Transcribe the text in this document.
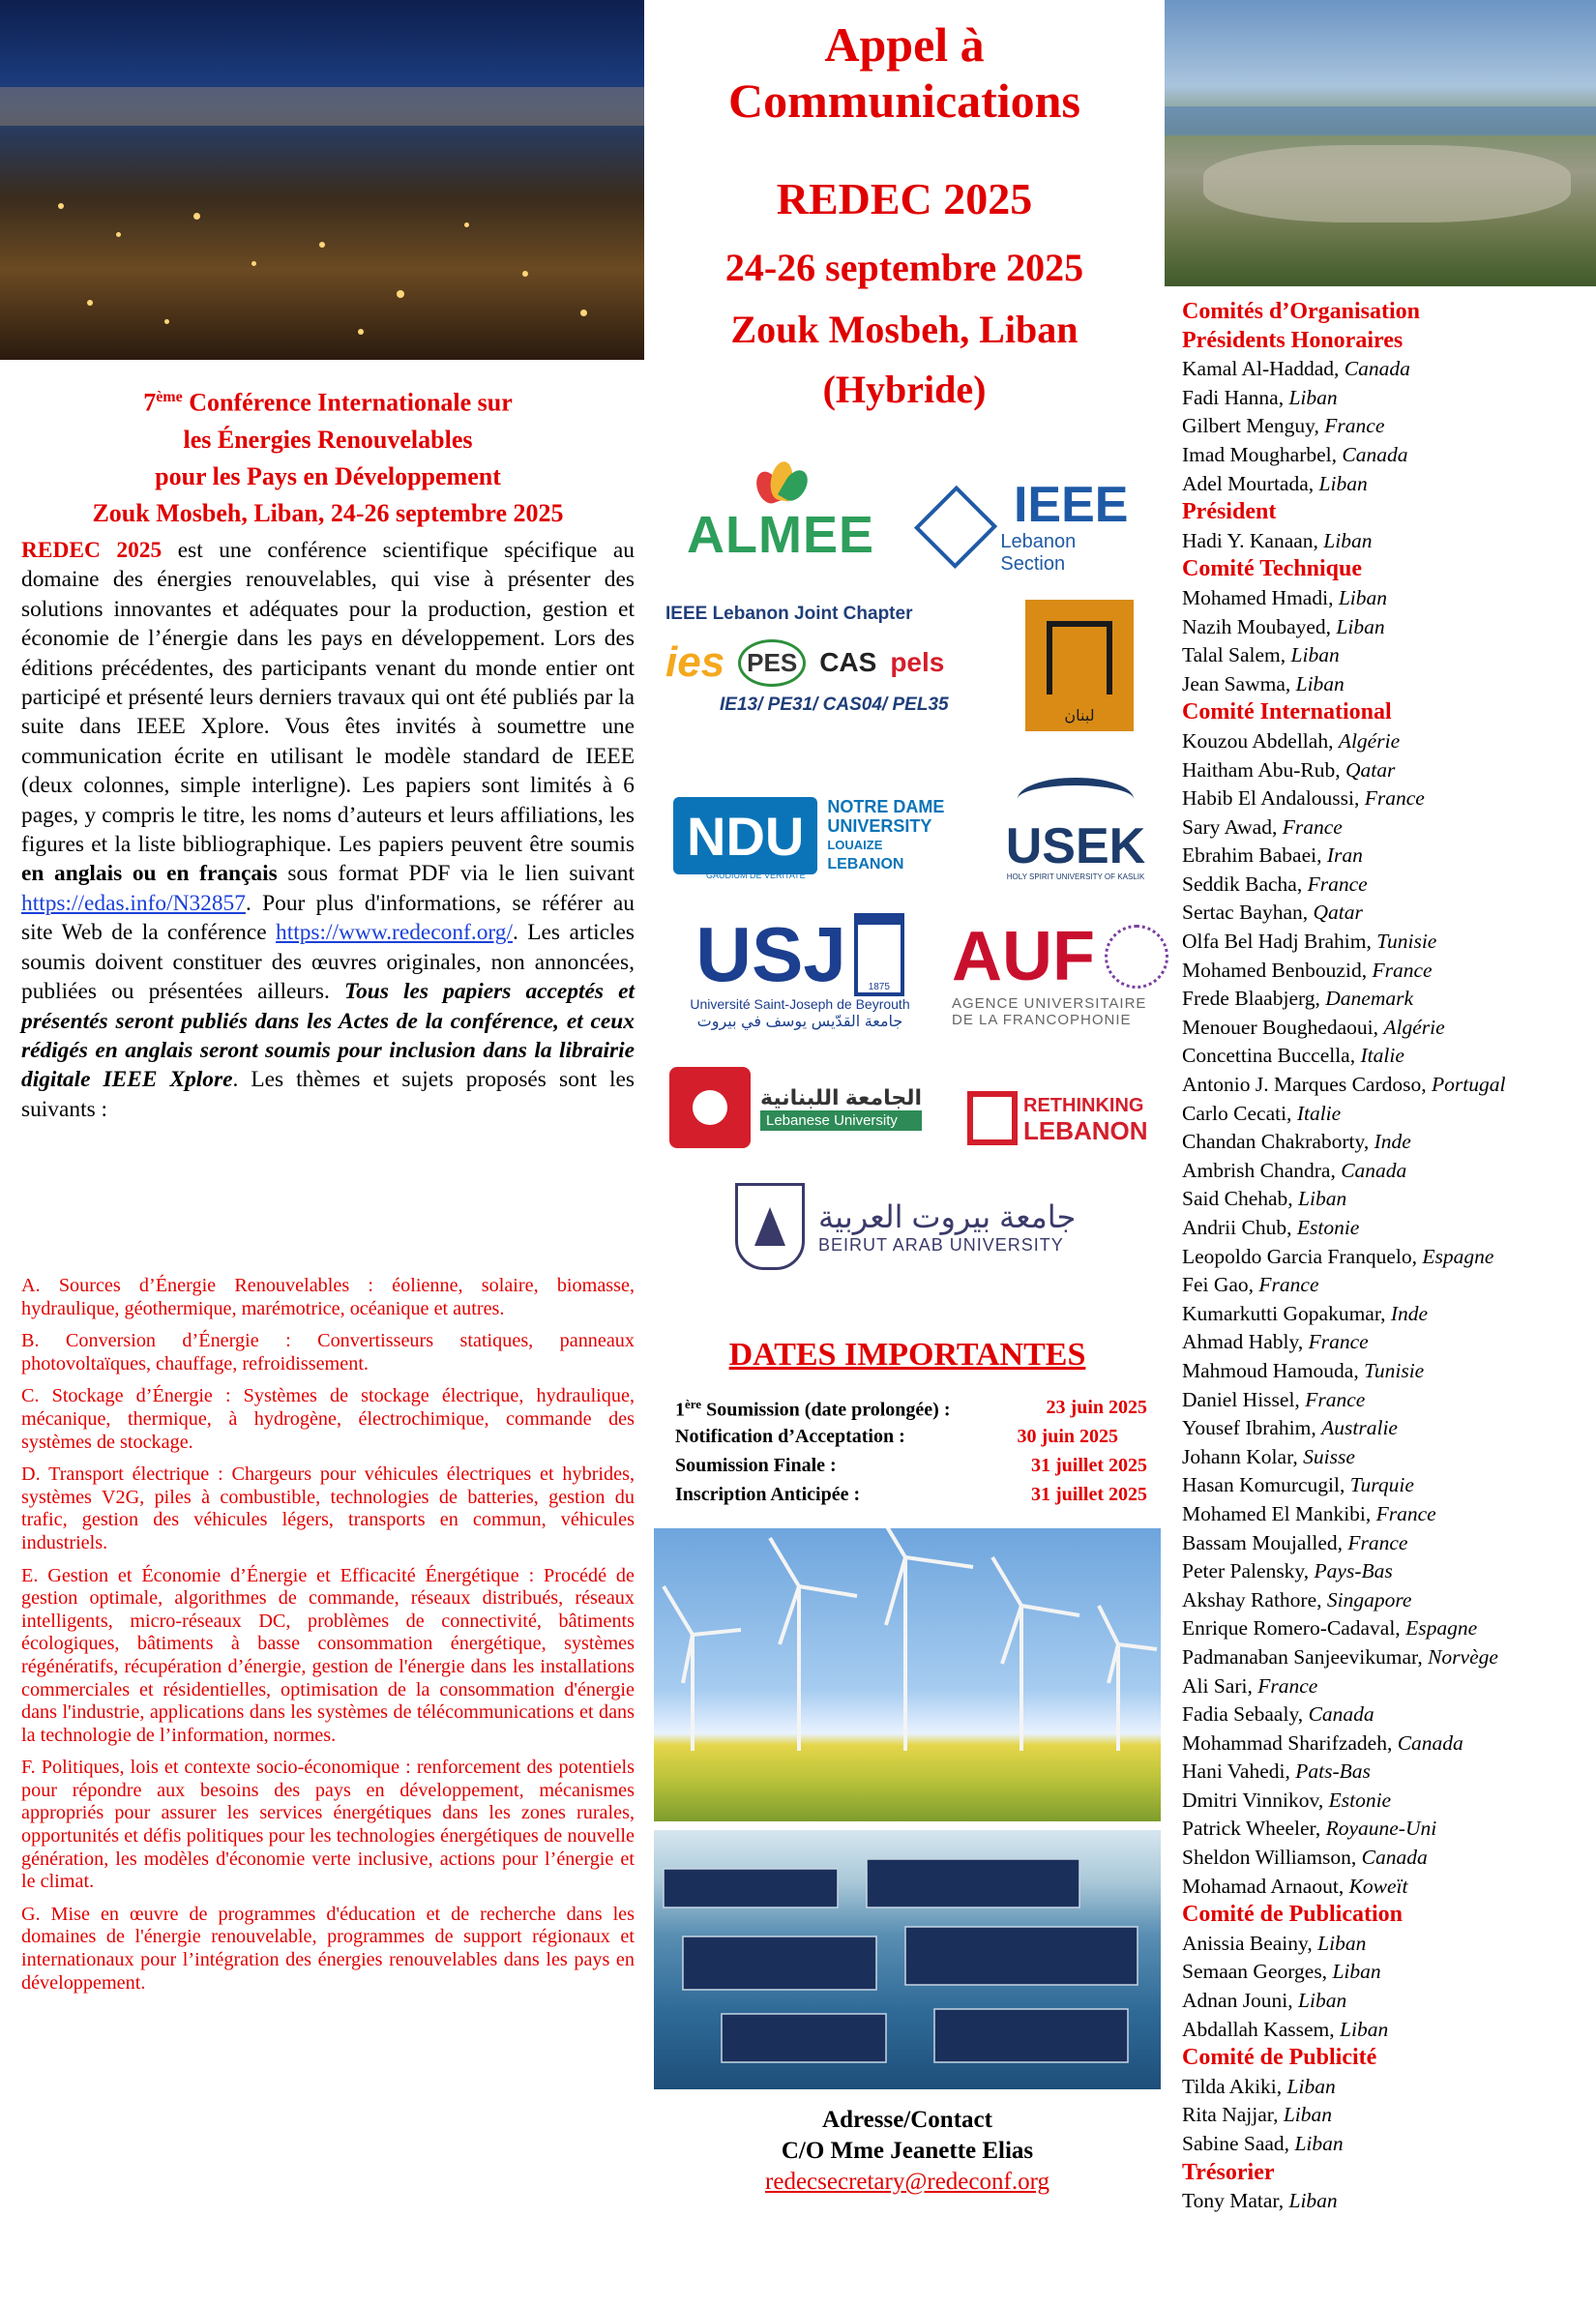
Appel à
Communications
REDEC 2025
24-26 septembre 2025
Zouk Mosbeh, Liban
(Hybride)
7ème Conférence Internationale sur
les Énergies Renouvelables
pour les Pays en Développement
Zouk Mosbeh, Liban, 24-26 septembre 2025

REDEC 2025 est une conférence scientifique spécifique au domaine des énergies renouvelables, qui vise à présenter des solutions innovantes et adéquates pour la production, gestion et économie de l’énergie dans les pays en développement. Lors des éditions précédentes, des participants venant du monde entier ont participé et présenté leurs derniers travaux qui ont été publiés par la suite dans IEEE Xplore. Vous êtes invités à soumettre une communication écrite en utilisant le modèle standard de IEEE (deux colonnes, simple interligne). Les papiers sont limités à 6 pages, y compris le titre, les noms d’auteurs et leurs affiliations, les figures et la liste bibliographique. Les papiers peuvent être soumis en anglais ou en français sous format PDF via le lien suivant https://edas.info/N32857. Pour plus d'informations, se référer au site Web de la conférence https://www.redeconf.org/. Les articles soumis doivent constituer des œuvres originales, non annoncées, publiées ou présentées ailleurs. Tous les papiers acceptés et présentés seront publiés dans les Actes de la conférence, et ceux rédigés en anglais seront soumis pour inclusion dans la librairie digitale IEEE Xplore. Les thèmes et sujets proposés sont les suivants :

A. Sources d’Énergie Renouvelables : éolienne, solaire, biomasse, hydraulique, géothermique, marémotrice, océanique et autres.

B. Conversion d’Énergie : Convertisseurs statiques, panneaux photovoltaïques, chauffage, refroidissement.

C. Stockage d’Énergie : Systèmes de stockage électrique, hydraulique, mécanique, thermique, à hydrogène, électrochimique, commande des systèmes de stockage.

D. Transport électrique : Chargeurs pour véhicules électriques et hybrides, systèmes V2G, piles à combustible, technologies de batteries, gestion du trafic, gestion des véhicules légers, transports en commun, véhicules industriels.

E. Gestion et Économie d’Énergie et Efficacité Énergétique : Procédé de gestion optimale, algorithmes de commande, réseaux distribués, réseaux intelligents, micro-réseaux DC, problèmes de connectivité, bâtiments écologiques, bâtiments à basse consommation énergétique, systèmes régénératifs, récupération d’énergie, gestion de l'énergie dans les installations commerciales et résidentielles, optimisation de la consommation d'énergie dans l'industrie, applications dans les systèmes de télécommunications et dans la technologie de l’information, normes.

F. Politiques, lois et contexte socio-économique : renforcement des potentiels pour répondre aux besoins des pays en développement, mécanismes appropriés pour assurer les services énergétiques dans les zones rurales, opportunités et défis politiques pour les technologies énergétiques de nouvelle génération, les modèles d'économie verte inclusive, actions pour l’énergie et le climat.

G. Mise en œuvre de programmes d'éducation et de recherche dans les domaines de l'énergie renouvelable, programmes de support régionaux et internationaux pour l’intégration des énergies renouvelables dans les pays en développement.

ALMEE
IEEE
Lebanon Section
IEEE Lebanon Joint Chapter
ies PES CAS pels
IE13/ PE31/ CAS04/ PEL35
لبنان
NDU	NOTRE DAME
UNIVERSITY
LOUAIZE
LEBANON
GAUDIUM DE VERITATE
USEK
HOLY SPIRIT UNIVERSITY OF KASLIK
USJ 1875
Université Saint-Joseph de Beyrouth
جامعة القدّيس يوسف في بيروت
AUF
AGENCE UNIVERSITAIRE
DE LA FRANCOPHONIE
الجامعة اللبنانية
Lebanese University
RETHINKING
LEBANON
جامعة بيروت العربية
BEIRUT ARAB UNIVERSITY
DATES IMPORTANTES
1ère Soumission (date prolongée) :	23 juin 2025
Notification d’Acceptation :	30 juin 2025
Soumission Finale :	31 juillet 2025
Inscription Anticipée :	31 juillet 2025
Adresse/Contact
C/O Mme Jeanette Elias
redecsecretary@redeconf.org
Comités d’Organisation
Présidents Honoraires
Kamal Al-Haddad, Canada
Fadi Hanna, Liban
Gilbert Menguy, France
Imad Mougharbel, Canada
Adel Mourtada, Liban
Président
Hadi Y. Kanaan, Liban
Comité Technique
Mohamed Hmadi, Liban
Nazih Moubayed, Liban
Talal Salem, Liban
Jean Sawma, Liban
Comité International
Kouzou Abdellah, Algérie
Haitham Abu-Rub, Qatar
Habib El Andaloussi, France
Sary Awad, France
Ebrahim Babaei, Iran
Seddik Bacha, France
Sertac Bayhan, Qatar
Olfa Bel Hadj Brahim, Tunisie
Mohamed Benbouzid, France
Frede Blaabjerg, Danemark
Menouer Boughedaoui, Algérie
Concettina Buccella, Italie
Antonio J. Marques Cardoso, Portugal
Carlo Cecati, Italie
Chandan Chakraborty, Inde
Ambrish Chandra, Canada
Said Chehab, Liban
Andrii Chub, Estonie
Leopoldo Garcia Franquelo, Espagne
Fei Gao, France
Kumarkutti Gopakumar, Inde
Ahmad Hably, France
Mahmoud Hamouda, Tunisie
Daniel Hissel, France
Yousef Ibrahim, Australie
Johann Kolar, Suisse
Hasan Komurcugil, Turquie
Mohamed El Mankibi, France
Bassam Moujalled, France
Peter Palensky, Pays-Bas
Akshay Rathore, Singapore
Enrique Romero-Cadaval, Espagne
Padmanaban Sanjeevikumar, Norvège
Ali Sari, France
Fadia Sebaaly, Canada
Mohammad Sharifzadeh, Canada
Hani Vahedi, Pats-Bas
Dmitri Vinnikov, Estonie
Patrick Wheeler, Royaune-Uni
Sheldon Williamson, Canada
Mohamad Arnaout, Koweït
Comité de Publication
Anissia Beainy, Liban
Semaan Georges, Liban
Adnan Jouni, Liban
Abdallah Kassem, Liban
Comité de Publicité
Tilda Akiki, Liban
Rita Najjar, Liban
Sabine Saad, Liban
Trésorier
Tony Matar, Liban
